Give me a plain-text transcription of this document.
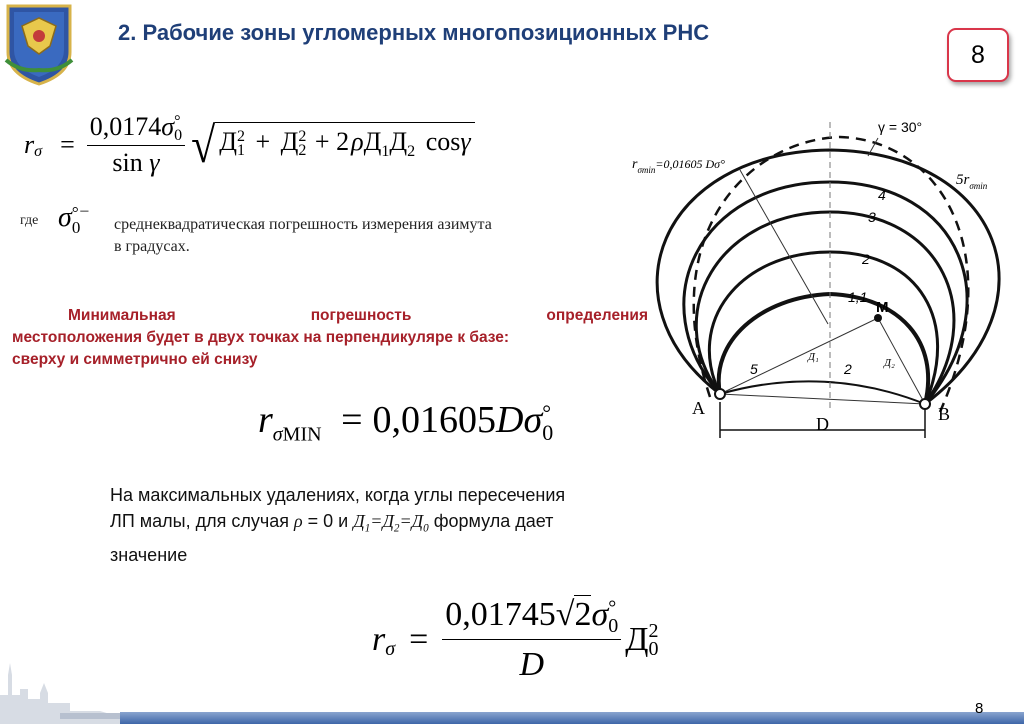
2. Рабочие зоны угломерных многопозиционных РНС
8
$r_\sigma = 0,0174\sigma$ °
0
sin γ √ Д 2
1 + Д 2
$2 + 2\rho Д_1Д_2$ cosγ
где σ °
0
–
среднеквадратическая погрешность измерения азимута
в градусах.
Минимальная	погрешность	определения
местоположения будет в двух точках на перпендикуляре к базе:
сверху и симметрично ей снизу
$r_{\sigma MIN} = 0,01605D\sigma$ °
0
На максимальных удалениях, когда углы пересечения
ЛП малы, для случая ρ = 0 и $Д_1=Д_2=Д_0$ формула дает
значение
$r_\sigma = 0,01745√2\sigma$ °
0
D Д 2
0
γ = 30°
$r_{\sigma min}=0,01605$ Dσ°
$5r_{\sigma min}$
4
3
2
1,1
M
Д₁	Д₂
5	2
A	B
D
8
